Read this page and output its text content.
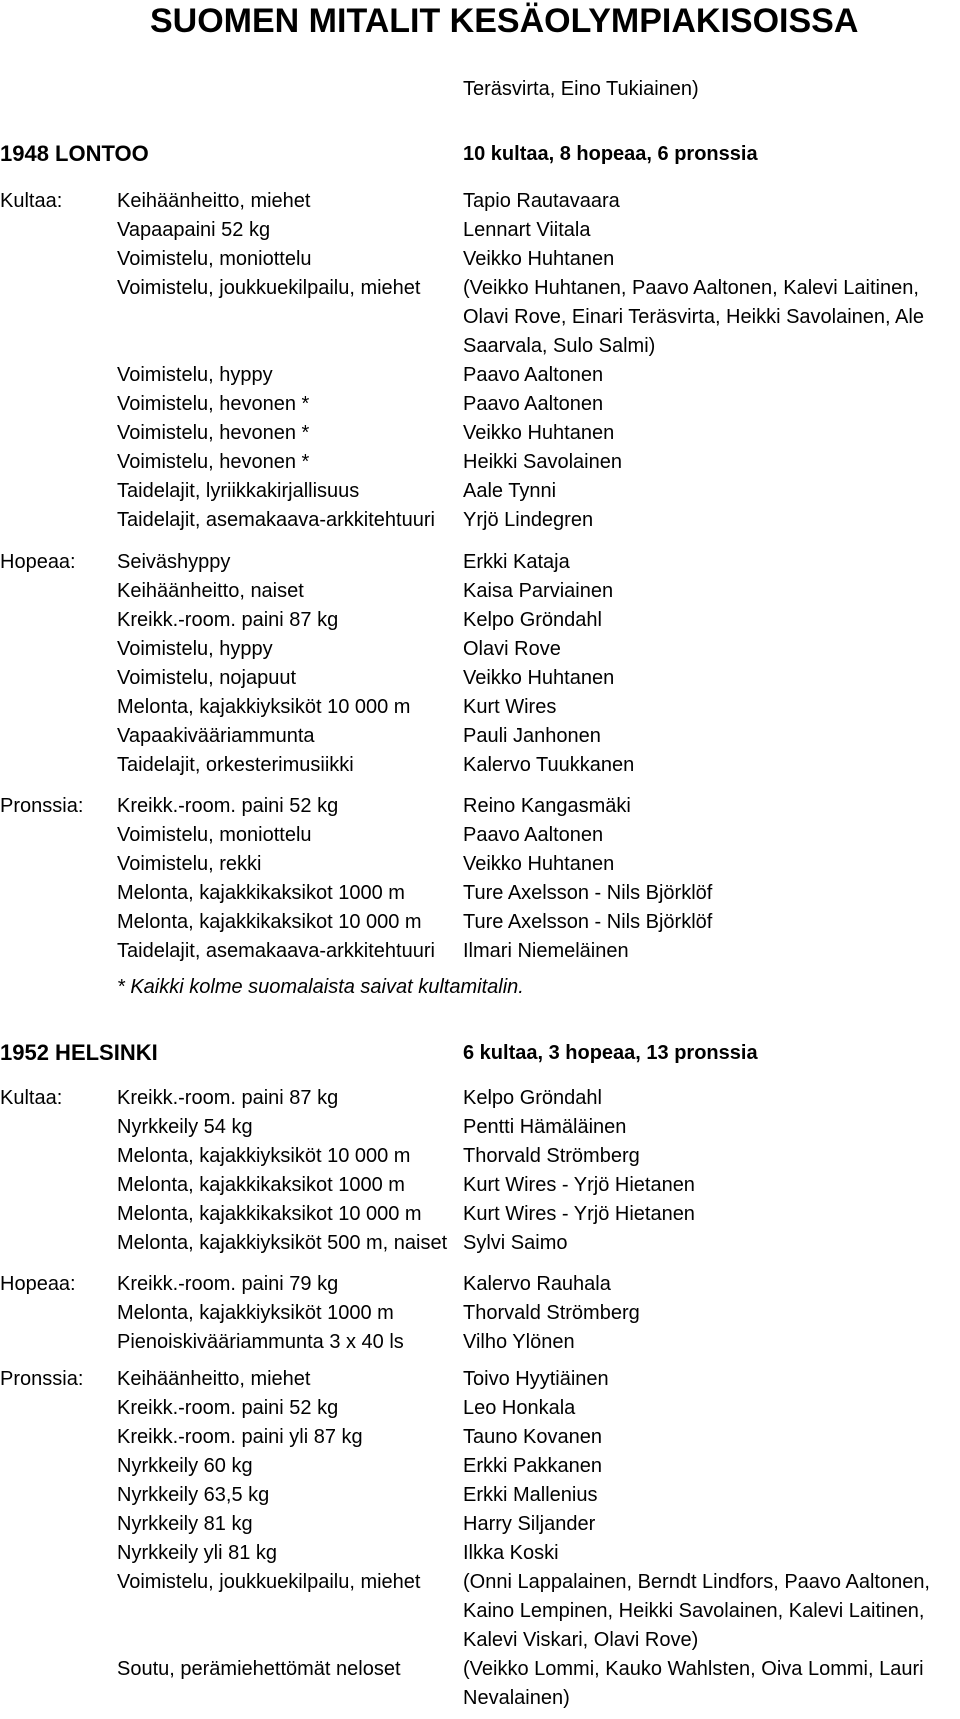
SUOMEN MITALIT KESÄOLYMPIAKISOISSA
Teräsvirta, Eino Tukiainen)
1948 LONTOO	10 kultaa, 8 hopeaa, 6 pronssia
Kultaa:	Keihäänheitto, miehet	Tapio Rautavaara
Vapaapaini 52 kg	Lennart Viitala
Voimistelu, moniottelu	Veikko Huhtanen
Voimistelu, joukkuekilpailu, miehet (Veikko Huhtanen, Paavo Aaltonen, Kalevi Laitinen, Olavi Rove, Einari Teräsvirta, Heikki Savolainen, Ale Saarvala, Sulo Salmi)
Voimistelu, hyppy	Paavo Aaltonen
Voimistelu, hevonen *	Paavo Aaltonen
Voimistelu, hevonen *	Veikko Huhtanen
Voimistelu, hevonen *	Heikki Savolainen
Taidelajit, lyriikkakirjallisuus	Aale Tynni
Taidelajit, asemakaava-arkkitehtuuri Yrjö Lindegren
Hopeaa: Seiväshyppy	Erkki Kataja
Keihäänheitto, naiset	Kaisa Parviainen
Kreikk.-room. paini 87 kg	Kelpo Gröndahl
Voimistelu, hyppy	Olavi Rove
Voimistelu, nojapuut	Veikko Huhtanen
Melonta, kajakkiyksiköt 10 000 m	Kurt Wires
Vapaakivääriammunta	Pauli Janhonen
Taidelajit, orkesterimusiikki	Kalervo Tuukkanen
Pronssia: Kreikk.-room. paini 52 kg	Reino Kangasmäki
Voimistelu, moniottelu	Paavo Aaltonen
Voimistelu, rekki	Veikko Huhtanen
Melonta, kajakkikaksikot 1000 m	Ture Axelsson - Nils Björklöf
Melonta, kajakkikaksikot 10 000 m Ture Axelsson - Nils Björklöf
Taidelajit, asemakaava-arkkitehtuuri Ilmari Niemeläinen
* Kaikki kolme suomalaista saivat kultamitalin.
1952 HELSINKI	6 kultaa, 3 hopeaa, 13 pronssia
Kultaa:	Kreikk.-room. paini 87 kg	Kelpo Gröndahl
Nyrkkeily 54 kg	Pentti Hämäläinen
Melonta, kajakkiyksiköt 10 000 m	Thorvald Strömberg
Melonta, kajakkikaksikot 1000 m	Kurt Wires - Yrjö Hietanen
Melonta, kajakkikaksikot 10 000 m Kurt Wires - Yrjö Hietanen
Melonta, kajakkiyksiköt 500 m, naiset Sylvi Saimo
Hopeaa: Kreikk.-room. paini 79 kg	Kalervo Rauhala
Melonta, kajakkiyksiköt 1000 m	Thorvald Strömberg
Pienoiskivääriammunta 3 x 40 ls	Vilho Ylönen
Pronssia: Keihäänheitto, miehet	Toivo Hyytiäinen
Kreikk.-room. paini 52 kg	Leo Honkala
Kreikk.-room. paini yli 87 kg	Tauno Kovanen
Nyrkkeily 60 kg	Erkki Pakkanen
Nyrkkeily 63,5 kg	Erkki Mallenius
Nyrkkeily 81 kg	Harry Siljander
Nyrkkeily yli 81 kg	Ilkka Koski
Voimistelu, joukkuekilpailu, miehet (Onni Lappalainen, Berndt Lindfors, Paavo Aaltonen, Kaino Lempinen, Heikki Savolainen, Kalevi Laitinen, Kalevi Viskari, Olavi Rove)
Soutu, perämiehettömät neloset	(Veikko Lommi, Kauko Wahlsten, Oiva Lommi, Lauri Nevalainen)
